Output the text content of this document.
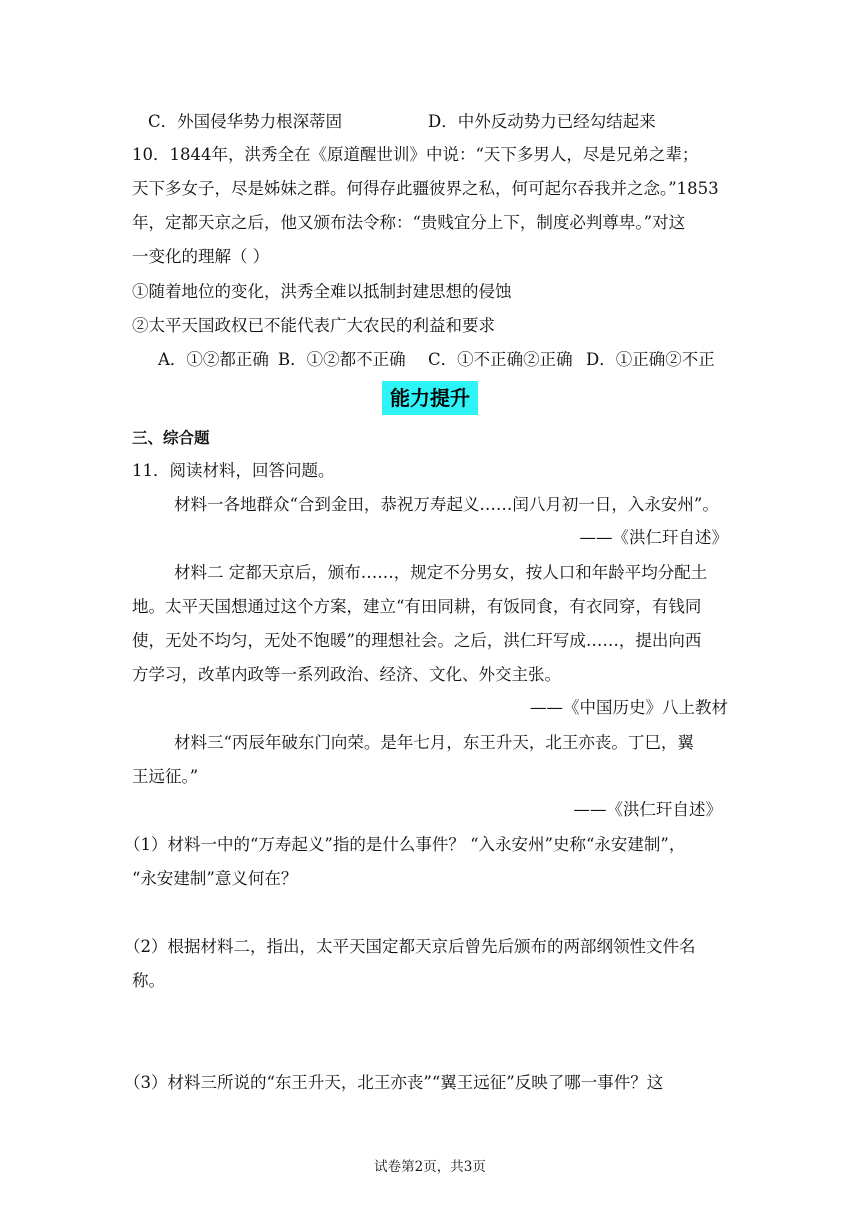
C．外国侵华势力根深蒂固	D．中外反动势力已经勾结起来
10．1844年，洪秀全在《原道醒世训》中说：“天下多男人，尽是兄弟之辈；
天下多女子，尽是姊妹之群。何得存此疆彼界之私，何可起尔吞我并之念。”1853
年，定都天京之后，他又颁布法令称：“贵贱宜分上下，制度必判尊卑。”对这
一变化的理解（ ）
①随着地位的变化，洪秀全难以抵制封建思想的侵蚀
②太平天国政权已不能代表广大农民的利益和要求
A．①②都正确 B．①②都不正确 C．①不正确②正确 D．①正确②不正
能力提升
三、综合题
11．阅读材料，回答问题。
材料一各地群众“合到金田，恭祝万寿起义……闰八月初一日，入永安州”。
——《洪仁玕自述》
材料二 定都天京后，颁布……，规定不分男女，按人口和年龄平均分配土
地。太平天国想通过这个方案，建立“有田同耕，有饭同食，有衣同穿，有钱同
使，无处不均匀，无处不饱暖”的理想社会。之后，洪仁玕写成……，提出向西
方学习，改革内政等一系列政治、经济、文化、外交主张。
——《中国历史》八上教材
材料三“丙辰年破东门向荣。是年七月，东王升天，北王亦丧。丁巳，翼
王远征。”
——《洪仁玕自述》
（1）材料一中的“万寿起义”指的是什么事件？ “入永安州”史称“永安建制”，
“永安建制”意义何在？
（2）根据材料二，指出，太平天国定都天京后曾先后颁布的两部纲领性文件名
称。
（3）材料三所说的“东王升天，北王亦丧”“翼王远征”反映了哪一事件？这
试卷第2页，共3页
